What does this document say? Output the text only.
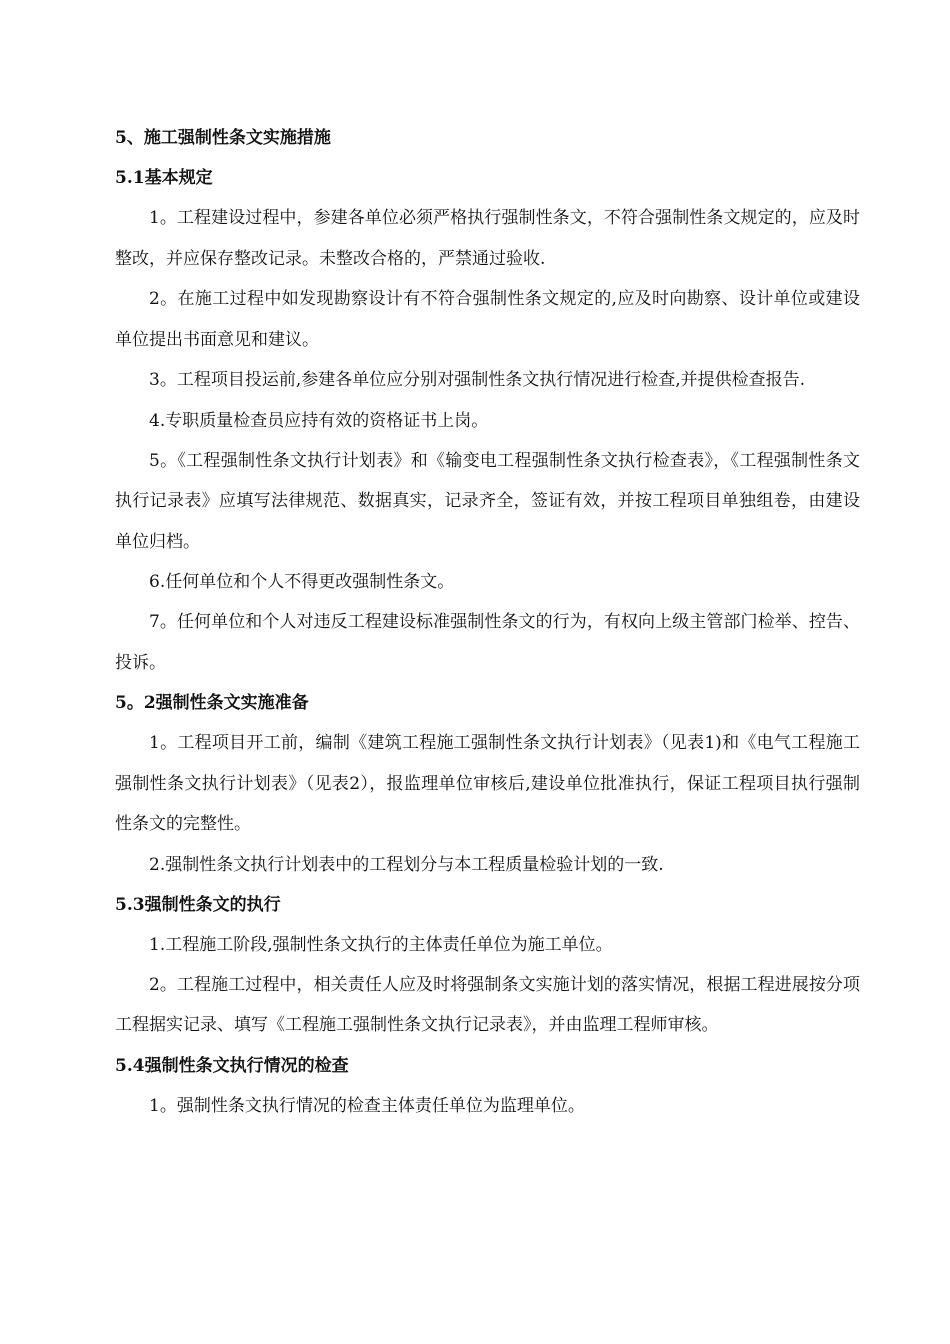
5、施工强制性条文实施措施

5.1基本规定

1。工程建设过程中，参建各单位必须严格执行强制性条文，不符合强制性条文规定的，应及时整改，并应保存整改记录。未整改合格的，严禁通过验收.

2。在施工过程中如发现勘察设计有不符合强制性条文规定的,应及时向勘察、设计单位或建设单位提出书面意见和建议。

3。工程项目投运前,参建各单位应分别对强制性条文执行情况进行检查,并提供检查报告.

4.专职质量检查员应持有效的资格证书上岗。

5。《工程强制性条文执行计划表》和《输变电工程强制性条文执行检查表》，《工程强制性条文执行记录表》应填写法律规范、数据真实，记录齐全，签证有效，并按工程项目单独组卷，由建设单位归档。

6.任何单位和个人不得更改强制性条文。

7。任何单位和个人对违反工程建设标准强制性条文的行为，有权向上级主管部门检举、控告、投诉。

5。2强制性条文实施准备

1。工程项目开工前，编制《建筑工程施工强制性条文执行计划表》（见表1)和《电气工程施工强制性条文执行计划表》（见表2），报监理单位审核后,建设单位批准执行，保证工程项目执行强制性条文的完整性。

2.强制性条文执行计划表中的工程划分与本工程质量检验计划的一致.

5.3强制性条文的执行

1.工程施工阶段,强制性条文执行的主体责任单位为施工单位。

2。工程施工过程中，相关责任人应及时将强制条文实施计划的落实情况，根据工程进展按分项工程据实记录、填写《工程施工强制性条文执行记录表》，并由监理工程师审核。

5.4强制性条文执行情况的检查

1。强制性条文执行情况的检查主体责任单位为监理单位。
